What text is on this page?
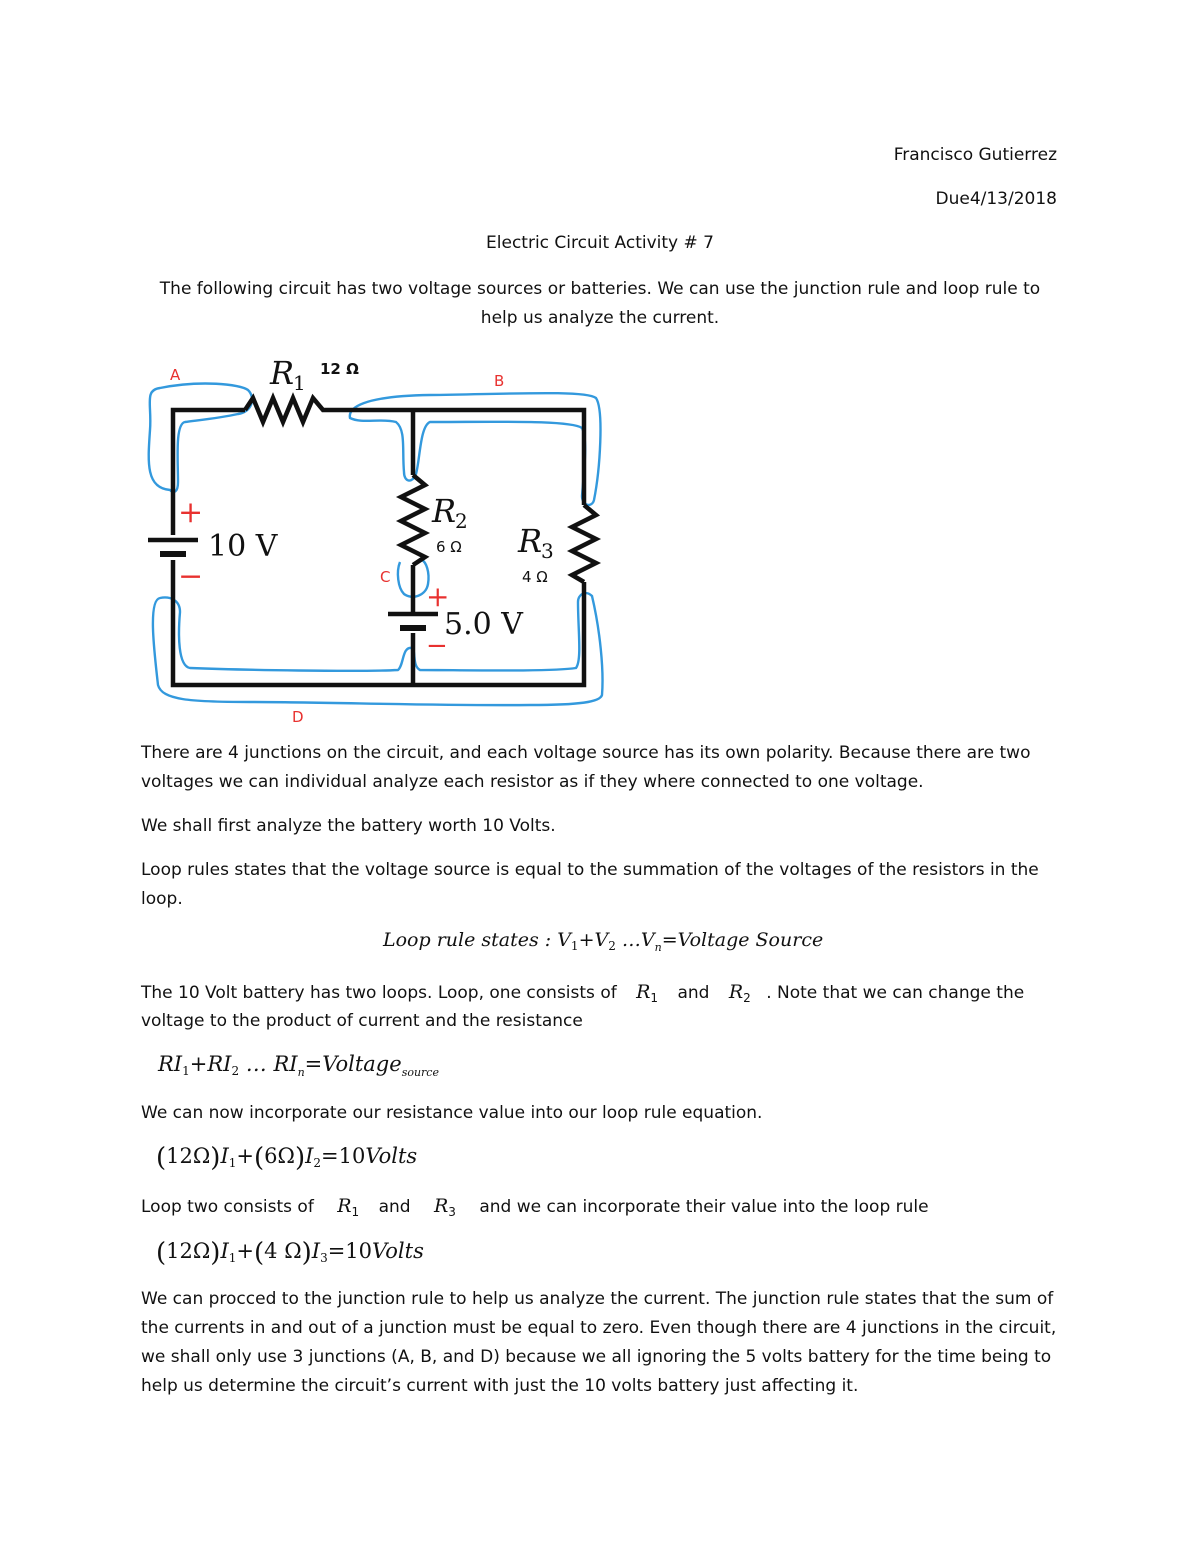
Francisco Gutierrez
Due4/13/2018
Electric Circuit Activity # 7
The following circuit has two voltage sources or batteries. We can use the junction rule and loop rule to help us analyze the current.
R
1
12 Ω
R
2
6 Ω R
3
4 Ω
10 V
5.0 V
+
−
+
−
A	B
C
D
There are 4 junctions on the circuit, and each voltage source has its own polarity. Because there are two voltages we can individual analyze each resistor as if they where connected to one voltage.
We shall first analyze the battery worth 10 Volts.
Loop rules states that the voltage source is equal to the summation of the voltages of the resistors in the loop.
Loop rule states : $V_1+V_2$ $\dots V_n=Voltage$ Source
The 10 Volt battery has two loops. Loop, one consists of $R_1$ and $R_2$ . Note that we can change the
voltage to the product of current and the resistance
$RI_1+RI_2$ … $RI_n=Voltage_{source}$
We can now incorporate our resistance value into our loop rule equation.
$(12\Omega)I_1+(6\Omega)I_2=10Volts$
Loop two consists of $R_1$ and $R_3$ and we can incorporate their value into the loop rule
$(12\Omega)I_1+(4$ $\Omega)I_3=10Volts$
We can procced to the junction rule to help us analyze the current. The junction rule states that the sum of the currents in and out of a junction must be equal to zero. Even though there are 4 junctions in the circuit, we shall only use 3 junctions (A, B, and D) because we all ignoring the 5 volts battery for the time being to help us determine the circuit’s current with just the 10 volts battery just affecting it.
